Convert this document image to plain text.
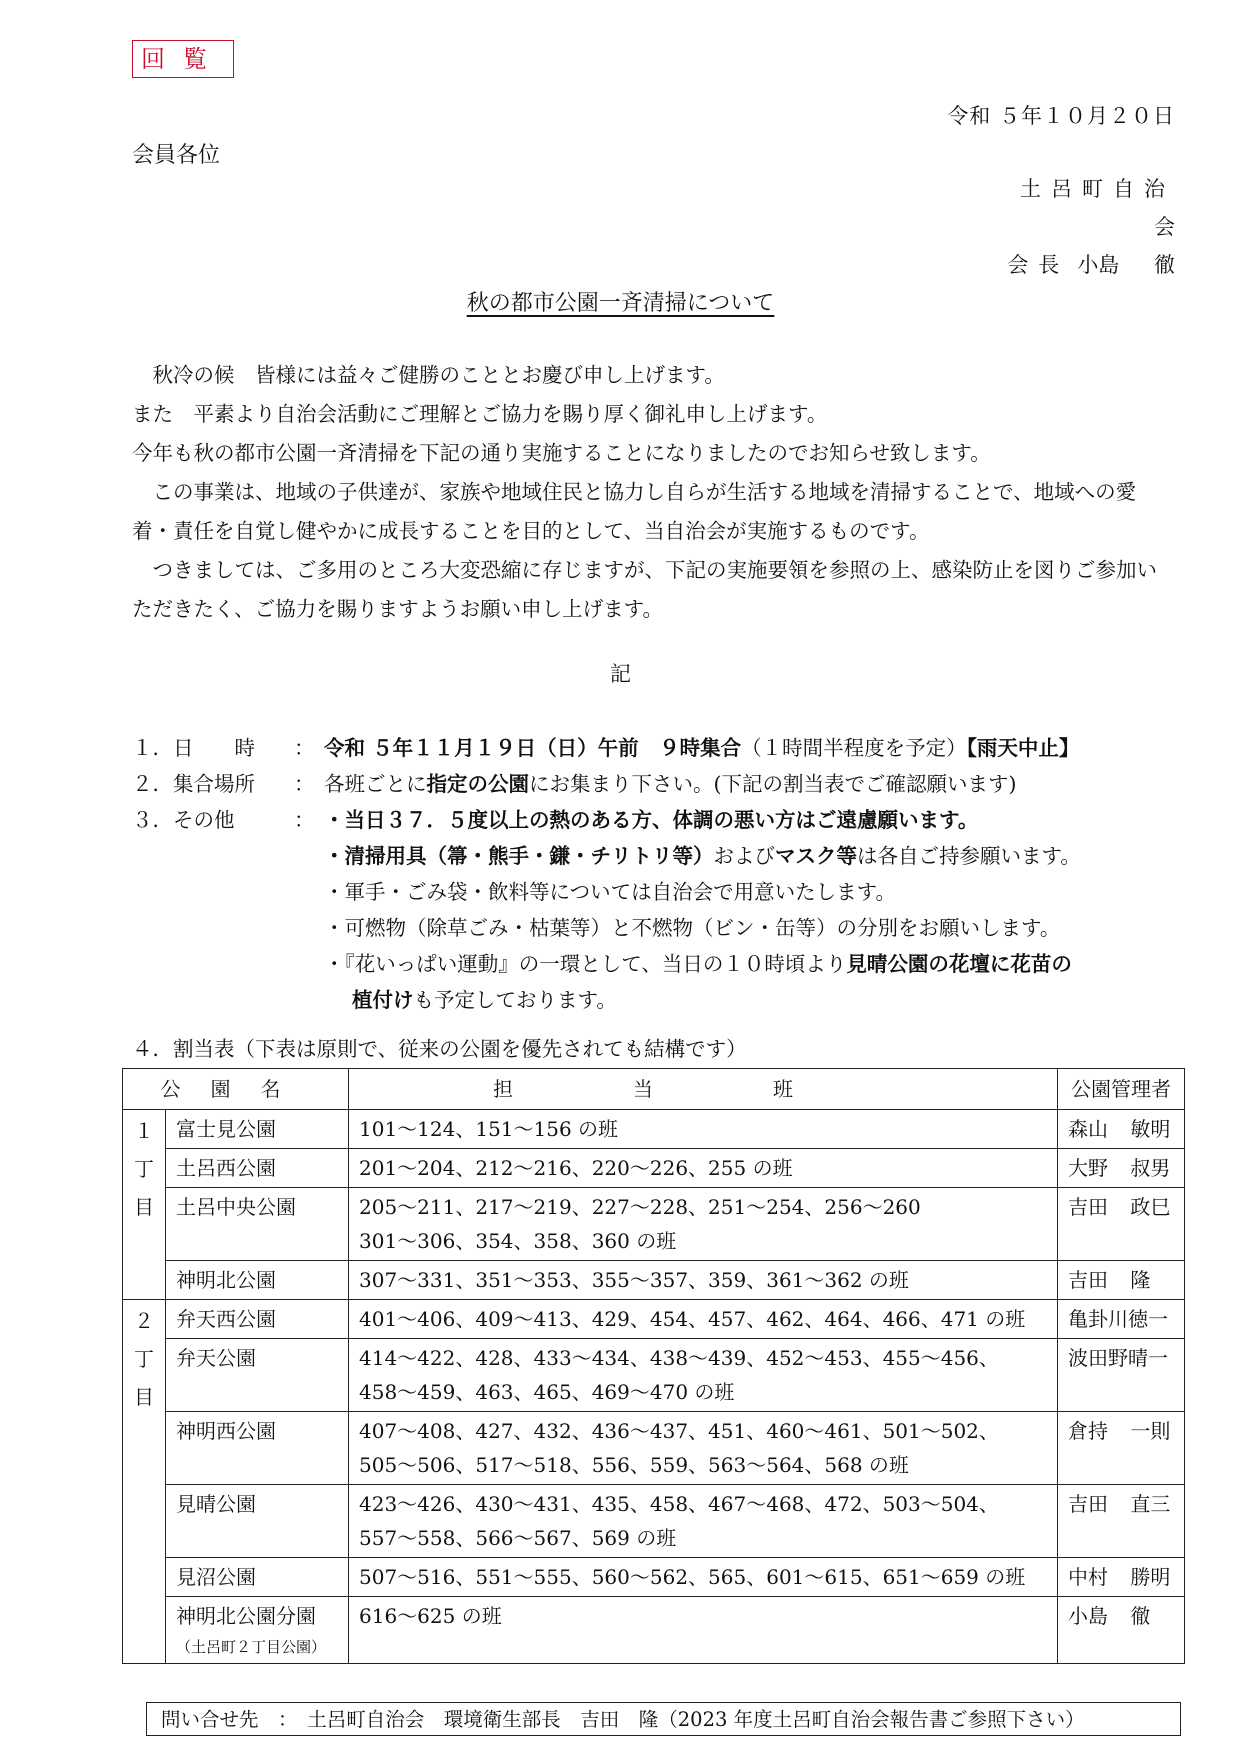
回覧
令和 ５年１０月２０日
会員各位
土呂町自治会
会長 小島 徹
秋の都市公園一斉清掃について

　秋冷の候　皆様には益々ご健勝のこととお慶び申し上げます。

また　平素より自治会活動にご理解とご協力を賜り厚く御礼申し上げます。

今年も秋の都市公園一斉清掃を下記の通り実施することになりましたのでお知らせ致します。

　この事業は、地域の子供達が、家族や地域住民と協力し自らが生活する地域を清掃することで、地域への愛着・責任を自覚し健やかに成長することを目的として、当自治会が実施するものです。

　つきましては、ご多用のところ大変恐縮に存じますが、下記の実施要領を参照の上、感染防止を図りご参加いただきたく、ご協力を賜りますようお願い申し上げます。

記
１．日　　時	： 令和 ５年１１月１９日（日）午前　９時集合（１時間半程度を予定）【雨天中止】
２．集合場所	： 各班ごとに指定の公園にお集まり下さい。(下記の割当表でご確認願います)
３．その他	： ・当日３７．５度以上の熱のある方、体調の悪い方はご遠慮願います。
・清掃用具（箒・熊手・鎌・チリトリ等）およびマスク等は各自ご持参願います。
・軍手・ごみ袋・飲料等については自治会で用意いたします。
・可燃物（除草ごみ・枯葉等）と不燃物（ビン・缶等）の分別をお願いします。
・『花いっぱい運動』の一環として、当日の１０時頃より見晴公園の花壇に花苗の
植付けも予定しております。
４．割当表（下表は原則で、従来の公園を優先されても結構です）
公園名		担当班	公園管理者

１
丁
目	富士見公園	101～124、151～156 の班	森山 敏明
	土呂西公園	201～204、212～216、220～226、255 の班	大野 叔男
	土呂中央公園	205～211、217～219、227～228、251～254、256～260
301～306、354、358、360 の班	吉田 政巳
	神明北公園	307～331、351～353、355～357、359、361～362 の班	吉田 隆

２
丁
目	弁天西公園	401～406、409～413、429、454、457、462、464、466、471 の班	亀卦川徳一
	弁天公園	414～422、428、433～434、438～439、452～453、455～456、
458～459、463、465、469～470 の班	波田野晴一
	神明西公園	407～408、427、432、436～437、451、460～461、501～502、
505～506、517～518、556、559、563～564、568 の班	倉持 一則
	見晴公園	423～426、430～431、435、458、467～468、472、503～504、
557～558、566～567、569 の班	吉田 直三
	見沼公園	507～516、551～555、560～562、565、601～615、651～659 の班	中村 勝明
	神明北公園分園
（土呂町２丁目公園）	616～625 の班	小島 徹
問い合せ先　：　土呂町自治会　環境衛生部長　吉田　隆（2023 年度土呂町自治会報告書ご参照下さい）
